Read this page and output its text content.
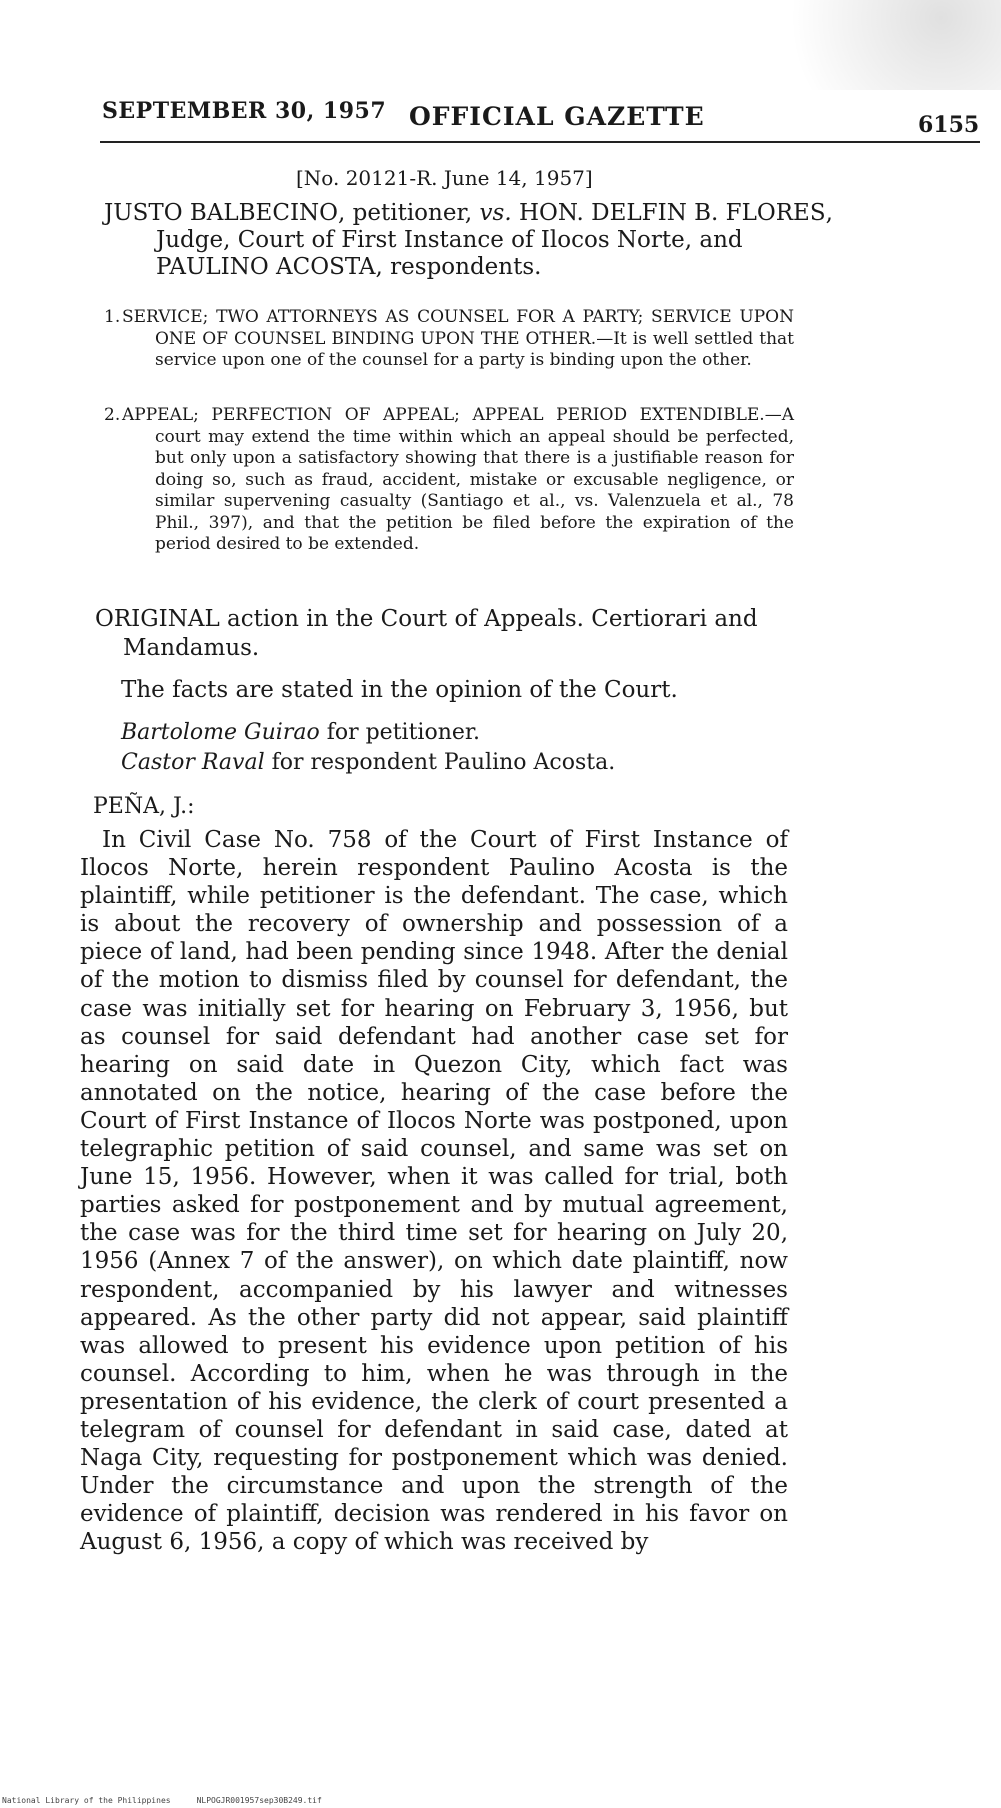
SEPTEMBER 30, 1957 OFFICIAL GAZETTE	6155
[No. 20121-R. June 14, 1957]
JUSTO BALBECINO, petitioner, vs. HON. DELFIN B. FLORES,
Judge, Court of First Instance of Ilocos Norte, and
PAULINO ACOSTA, respondents.
1. SERVICE; TWO ATTORNEYS AS COUNSEL FOR A PARTY; SERVICE UPON ONE OF COUNSEL BINDING UPON THE OTHER.—It is well settled that service upon one of the counsel for a party is binding upon the other.
2. APPEAL; PERFECTION OF APPEAL; APPEAL PERIOD EXTENDIBLE.—A court may extend the time within which an appeal should be perfected, but only upon a satisfactory showing that there is a justifiable reason for doing so, such as fraud, accident, mistake or excusable negligence, or similar supervening casualty (Santiago et al., vs. Valenzuela et al., 78 Phil., 397), and that the petition be filed before the expiration of the period desired to be extended.
ORIGINAL action in the Court of Appeals. Certiorari and Mandamus.
The facts are stated in the opinion of the Court.
Bartolome Guirao for petitioner.
Castor Raval for respondent Paulino Acosta.
PEÑA, J.:
In Civil Case No. 758 of the Court of First Instance of Ilocos Norte, herein respondent Paulino Acosta is the plaintiff, while petitioner is the defendant. The case, which is about the recovery of ownership and possession of a piece of land, had been pending since 1948. After the denial of the motion to dismiss filed by counsel for defendant, the case was initially set for hearing on February 3, 1956, but as counsel for said defendant had another case set for hearing on said date in Quezon City, which fact was annotated on the notice, hearing of the case before the Court of First Instance of Ilocos Norte was postponed, upon telegraphic petition of said counsel, and same was set on June 15, 1956. However, when it was called for trial, both parties asked for postponement and by mutual agreement, the case was for the third time set for hearing on July 20, 1956 (Annex 7 of the answer), on which date plaintiff, now respondent, accompanied by his lawyer and witnesses appeared. As the other party did not appear, said plaintiff was allowed to present his evidence upon petition of his counsel. According to him, when he was through in the presentation of his evidence, the clerk of court presented a telegram of counsel for defendant in said case, dated at Naga City, requesting for postponement which was denied. Under the circumstance and upon the strength of the evidence of plaintiff, decision was rendered in his favor on August 6, 1956, a copy of which was received by
National Library of the Philippines	NLPOGJR001957sep30B249.tif
